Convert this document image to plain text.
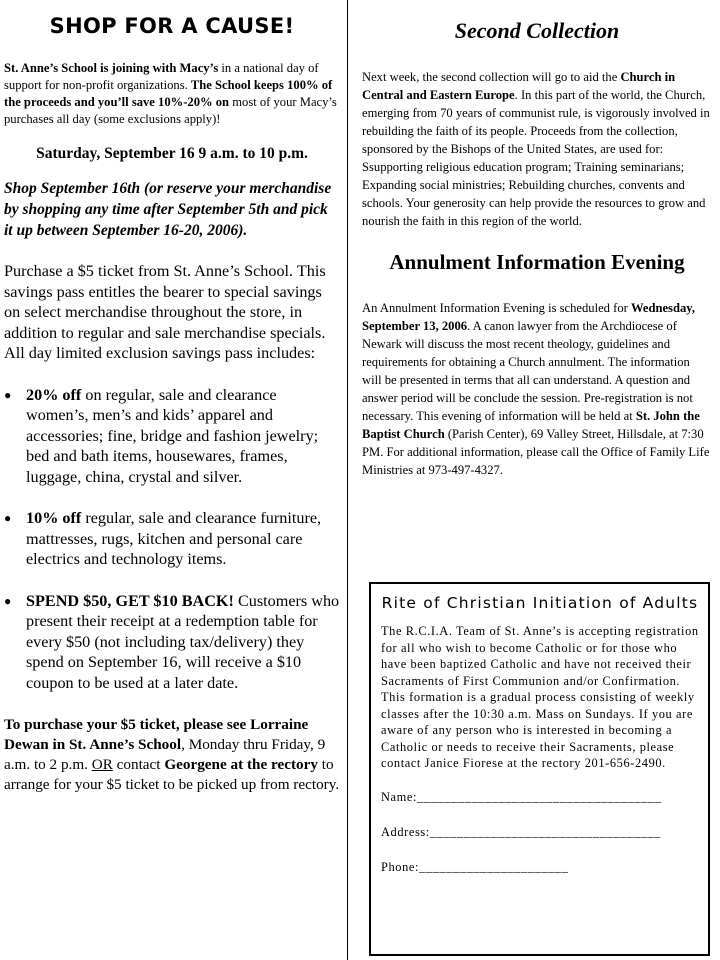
SHOP FOR A CAUSE!

St. Anne’s School is joining with Macy’s in a national day of support for non-profit organizations. The School keeps 100% of the proceeds and you’ll save 10%-20% on most of your Macy’s purchases all day (some exclusions apply)!

Saturday, September 16 9 a.m. to 10 p.m.
Shop September 16th (or reserve your merchandise by shopping any time after September 5th and pick it up between September 16-20, 2006).

Purchase a $5 ticket from St. Anne’s School. This savings pass entitles the bearer to special savings on select merchandise throughout the store, in addition to regular and sale merchandise specials. All day limited exclusion savings pass includes:

● 20% off on regular, sale and clearance women’s, men’s and kids’ apparel and accessories; fine, bridge and fashion jewelry; bed and bath items, housewares, frames, luggage, china, crystal and silver.
● 10% off regular, sale and clearance furniture, mattresses, rugs, kitchen and personal care electrics and technology items.
● SPEND $50, GET $10 BACK! Customers who present their receipt at a redemption table for every $50 (not including tax/delivery) they spend on September 16, will receive a $10 coupon to be used at a later date.

To purchase your $5 ticket, please see Lorraine Dewan in St. Anne’s School, Monday thru Friday, 9 a.m. to 2 p.m. OR contact Georgene at the rectory to arrange for your $5 ticket to be picked up from rectory.

Second Collection

Next week, the second collection will go to aid the Church in Central and Eastern Europe. In this part of the world, the Church, emerging from 70 years of communist rule, is vigorously involved in rebuilding the faith of its people. Proceeds from the collection, sponsored by the Bishops of the United States, are used for: Ssupporting religious education program; Training seminarians; Expanding social ministries; Rebuilding churches, convents and schools. Your generosity can help provide the resources to grow and nourish the faith in this region of the world.

Annulment Information Evening

An Annulment Information Evening is scheduled for Wednesday, September 13, 2006. A canon lawyer from the Archdiocese of Newark will discuss the most recent theology, guidelines and requirements for obtaining a Church annulment. The information will be presented in terms that all can understand. A question and answer period will be conclude the session. Pre-registration is not necessary. This evening of information will be held at St. John the Baptist Church (Parish Center), 69 Valley Street, Hillsdale, at 7:30 PM. For additional information, please call the Office of Family Life Ministries at 973-497-4327.

Rite of Christian Initiation of Adults

The R.C.I.A. Team of St. Anne’s is accepting registration for all who wish to become Catholic or for those who have been baptized Catholic and have not received their Sacraments of First Communion and/or Confirmation. This formation is a gradual process consisting of weekly classes after the 10:30 a.m. Mass on Sundays. If you are aware of any person who is interested in becoming a Catholic or needs to receive their Sacraments, please contact Janice Fiorese at the rectory 201-656-2490.

Name:____________________________________
Address:__________________________________
Phone:______________________
